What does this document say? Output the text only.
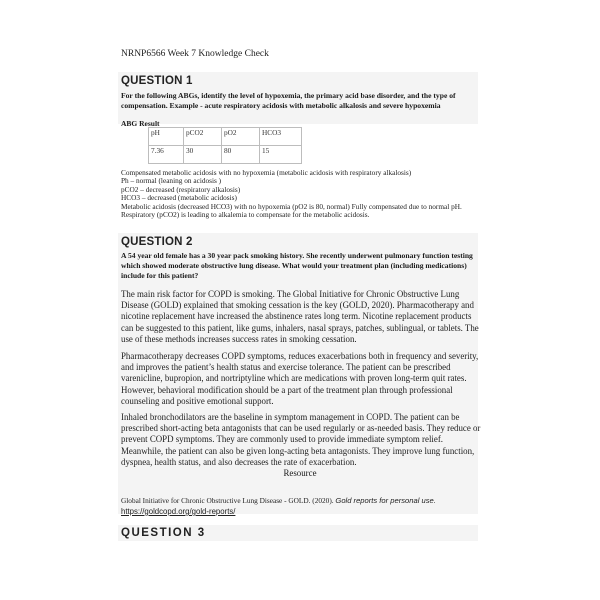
NRNP6566 Week 7 Knowledge Check
QUESTION 1
For the following ABGs, identify the level of hypoxemia, the primary acid base disorder, and the type of
compensation. Example - acute respiratory acidosis with metabolic alkalosis and severe hypoxemia
ABG Result
pH	pCO2	pO2	HCO3
7.36	30	80	15
Compensated metabolic acidosis with no hypoxemia (metabolic acidosis with respiratory alkalosis)
Ph – normal (leaning on acidosis )
pCO2 – decreased (respiratory alkalosis)
HCO3 – decreased (metabolic acidosis)
Metabolic acidosis (decreased HCO3) with no hypoxemia (pO2 is 80, normal) Fully compensated due to normal pH.
Respiratory (pCO2) is leading to alkalemia to compensate for the metabolic acidosis.
QUESTION 2
A 54 year old female has a 30 year pack smoking history. She recently underwent pulmonary function testing
which showed moderate obstructive lung disease. What would your treatment plan (including medications)
include for this patient?
The main risk factor for COPD is smoking. The Global Initiative for Chronic Obstructive Lung Disease (GOLD) explained that smoking cessation is the key (GOLD, 2020). Pharmacotherapy and nicotine replacement have increased the abstinence rates long term. Nicotine replacement products can be suggested to this patient, like gums, inhalers, nasal sprays, patches, sublingual, or tablets. The use of these methods increases success rates in smoking cessation.
Pharmacotherapy decreases COPD symptoms, reduces exacerbations both in frequency and severity, and improves the patient’s health status and exercise tolerance. The patient can be prescribed varenicline, bupropion, and nortriptyline which are medications with proven long-term quit rates. However, behavioral modification should be a part of the treatment plan through professional counseling and positive emotional support.
Inhaled bronchodilators are the baseline in symptom management in COPD. The patient can be prescribed short-acting beta antagonists that can be used regularly or as-needed basis. They reduce or prevent COPD symptoms. They are commonly used to provide immediate symptom relief. Meanwhile, the patient can also be given long-acting beta antagonists. They improve lung function, dyspnea, health status, and also decreases the rate of exacerbation.
Resource
Global Initiative for Chronic Obstructive Lung Disease - GOLD. (2020). Gold reports for personal use. https://goldcopd.org/gold-reports/
QUESTION 3
